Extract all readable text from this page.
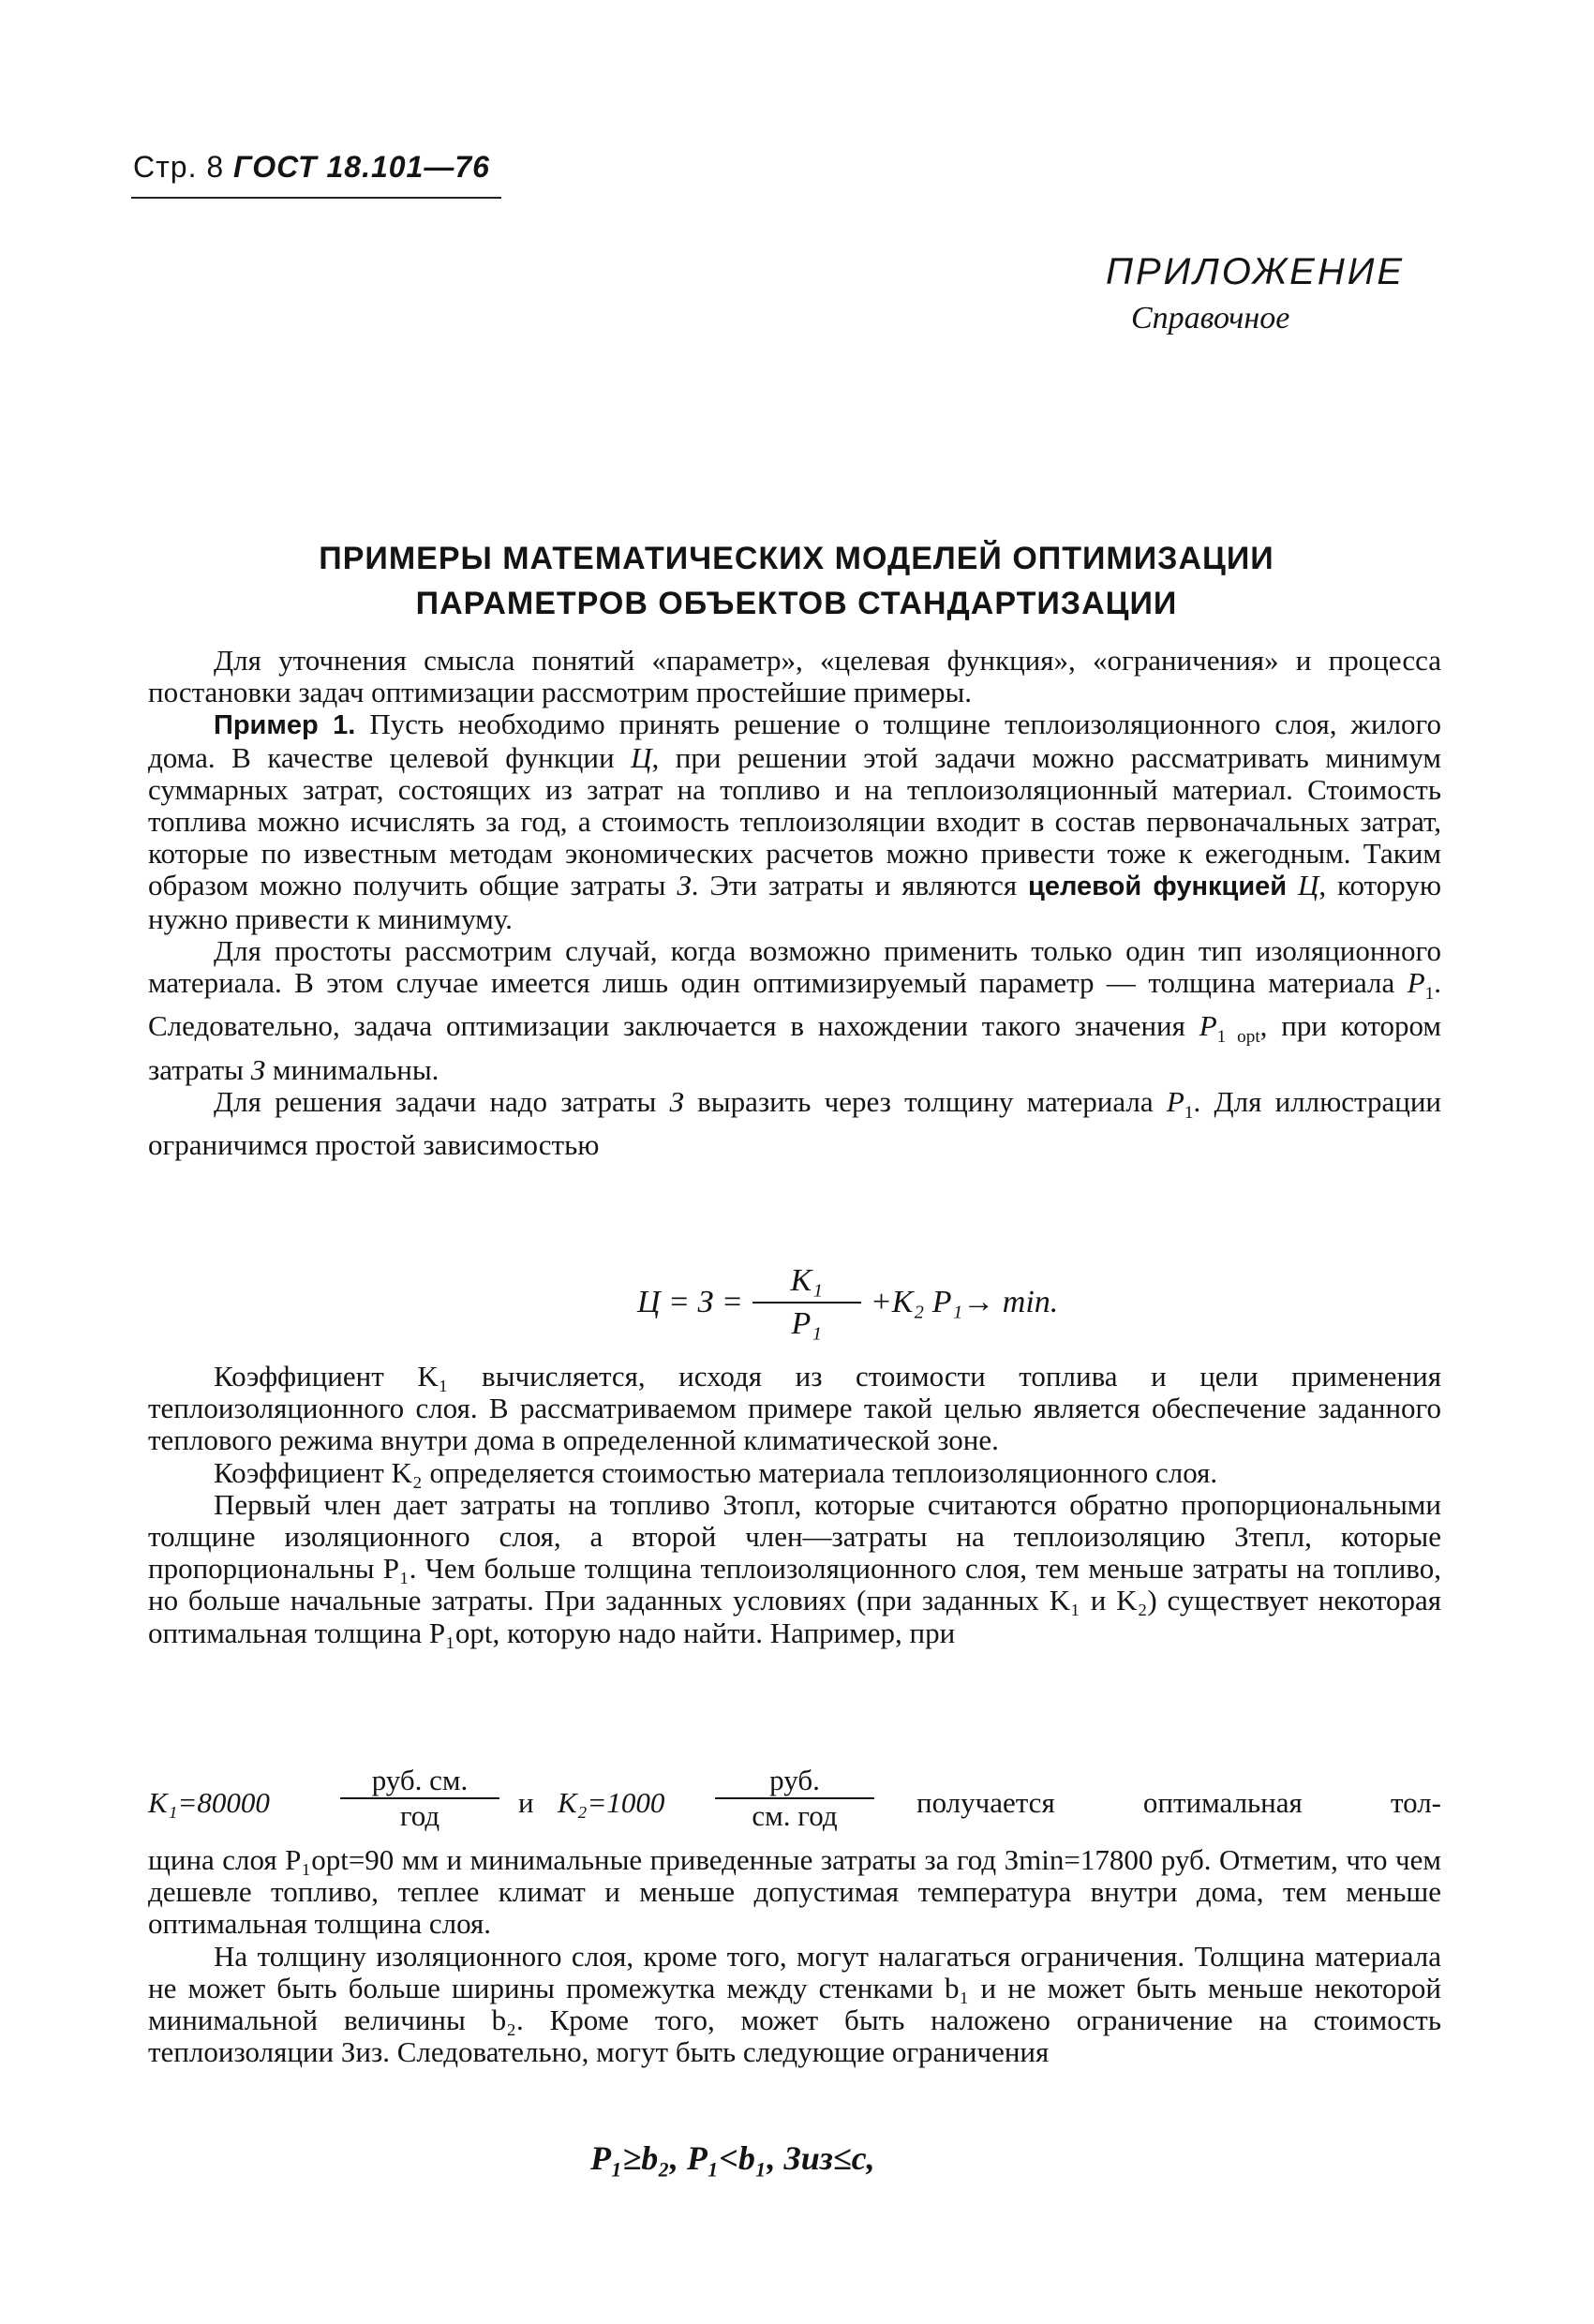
Стр. 8 ГОСТ 18.101—76
ПРИЛОЖЕНИЕ
Справочное
ПРИМЕРЫ МАТЕМАТИЧЕСКИХ МОДЕЛЕЙ ОПТИМИЗАЦИИ
ПАРАМЕТРОВ ОБЪЕКТОВ СТАНДАРТИЗАЦИИ

Для уточнения смысла понятий «параметр», «целевая функция», «ограничения» и процесса постановки задач оптимизации рассмотрим простейшие примеры.

Пример 1. Пусть необходимо принять решение о толщине теплоизоляционного слоя, жилого дома. В качестве целевой функции Ц, при решении этой задачи можно рассматривать минимум суммарных затрат, состоящих из затрат на топливо и на теплоизоляционный материал. Стоимость топлива можно исчислять за год, а стоимость теплоизоляции входит в состав первоначальных затрат, которые по известным методам экономических расчетов можно привести тоже к ежегодным. Таким образом можно получить общие затраты З. Эти затраты и являются целевой функцией Ц, которую нужно привести к минимуму.

Для простоты рассмотрим случай, когда возможно применить только один тип изоляционного материала. В этом случае имеется лишь один оптимизируемый параметр — толщина материала $P_1$. Следовательно, задача оптимизации заключается в нахождении такого значения $P_{1 opt}$, при котором затраты З минимальны.

Для решения задачи надо затраты З выразить через толщину материала $P_1$. Для иллюстрации ограничимся простой зависимостью

$Ц = З = \frac{\text{K₁}}{\text{P₁}} +K_2$ P₁→ min.

Коэффициент K₁ вычисляется, исходя из стоимости топлива и цели применения теплоизоляционного слоя. В рассматриваемом примере такой целью является обеспечение заданного теплового режима внутри дома в определенной климатической зоне.

Коэффициент K₂ определяется стоимостью материала теплоизоляционного слоя.

Первый член дает затраты на топливо Зтопл, которые считаются обратно пропорциональными толщине изоляционного слоя, а второй член—затраты на теплоизоляцию Зтепл, которые пропорциональны P₁. Чем больше толщина теплоизоляционного слоя, тем меньше затраты на топливо, но больше начальные затраты. При заданных условиях (при заданных K₁ и K₂) существует некоторая оптимальная толщина P₁opt, которую надо найти. Например, при

K₁=80000
руб. см.
год	и K₂=1000
руб.
см. год	получается оптимальная тол-

щина слоя P₁opt=90 мм и минимальные приведенные затраты за год Зmin=17800 руб. Отметим, что чем дешевле топливо, теплее климат и меньше допустимая температура внутри дома, тем меньше оптимальная толщина слоя.

На толщину изоляционного слоя, кроме того, могут налагаться ограничения. Толщина материала не может быть больше ширины промежутка между стенками b₁ и не может быть меньше некоторой минимальной величины b₂. Кроме того, может быть наложено ограничение на стоимость теплоизоляции Зиз. Следовательно, могут быть следующие ограничения

P₁≥b₂, P₁<b₁, Зиз≤c,
